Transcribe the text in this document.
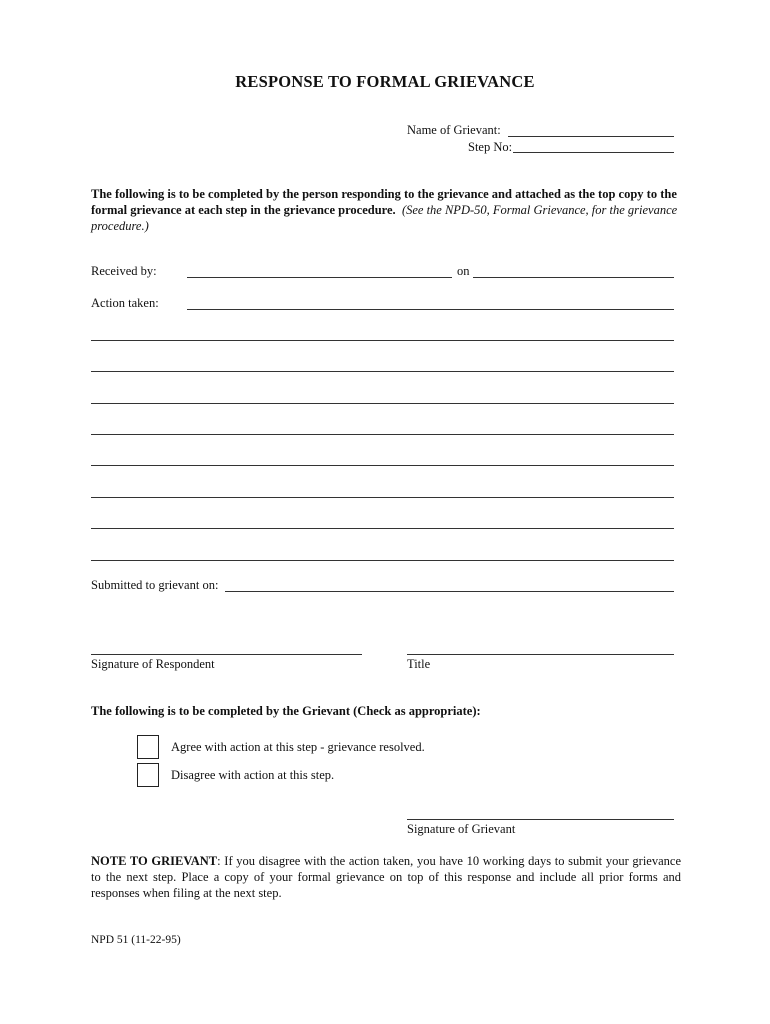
RESPONSE TO FORMAL GRIEVANCE
Name of Grievant:
Step No:
The following is to be completed by the person responding to the grievance and attached as the top copy to the formal grievance at each step in the grievance procedure. (See the NPD-50, Formal Grievance, for the grievance procedure.)
Received by:	on
Action taken:
Submitted to grievant on:
Signature of Respondent	Title
The following is to be completed by the Grievant (Check as appropriate):
Agree with action at this step - grievance resolved.
Disagree with action at this step.
Signature of Grievant
NOTE TO GRIEVANT: If you disagree with the action taken, you have 10 working days to submit your grievance to the next step. Place a copy of your formal grievance on top of this response and include all prior forms and responses when filing at the next step.
NPD 51 (11-22-95)
